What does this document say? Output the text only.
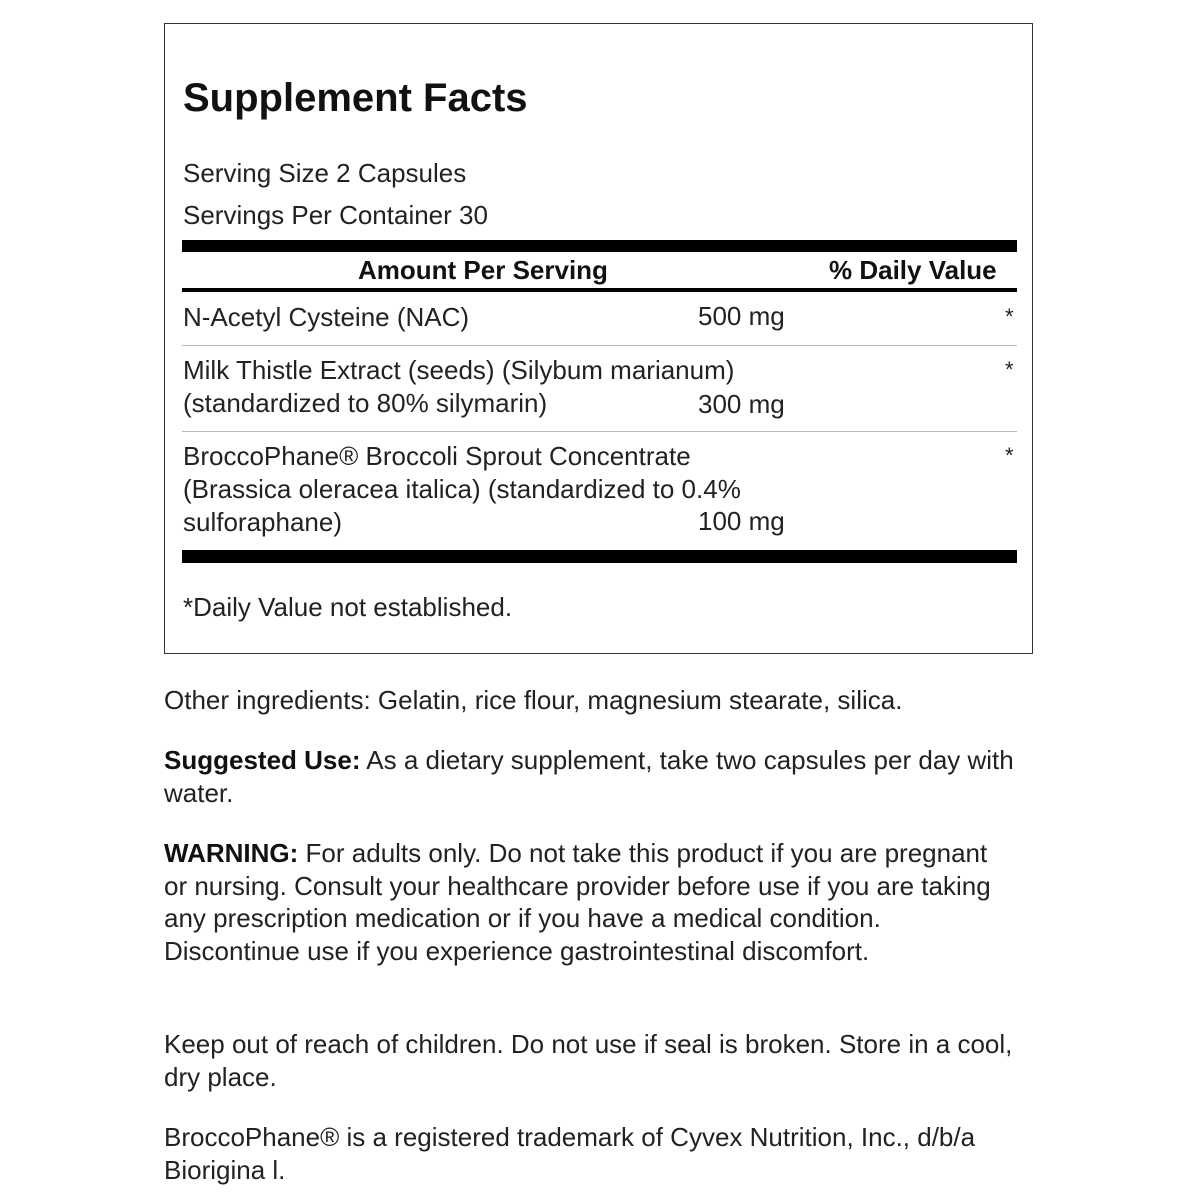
Supplement Facts
Serving Size 2 Capsules
Servings Per Container 30
Amount Per Serving	% Daily Value
N-Acetyl Cysteine (NAC)	500 mg	*
Milk Thistle Extract (seeds) (Silybum marianum)
(standardized to 80% silymarin)	300 mg
*
BroccoPhane® Broccoli Sprout Concentrate
(Brassica oleracea italica) (standardized to 0.4%
sulforaphane)	100 mg
*
*Daily Value not established.

Other ingredients: Gelatin, rice flour, magnesium stearate, silica.

Suggested Use: As a dietary supplement, take two capsules per day with water.

WARNING: For adults only. Do not take this product if you are pregnant or nursing. Consult your healthcare provider before use if you are taking any prescription medication or if you have a medical condition. Discontinue use if you experience gastrointestinal discomfort.

Keep out of reach of children. Do not use if seal is broken. Store in a cool, dry place.

BroccoPhane® is a registered trademark of Cyvex Nutrition, Inc., d/b/a Biorigina l.
